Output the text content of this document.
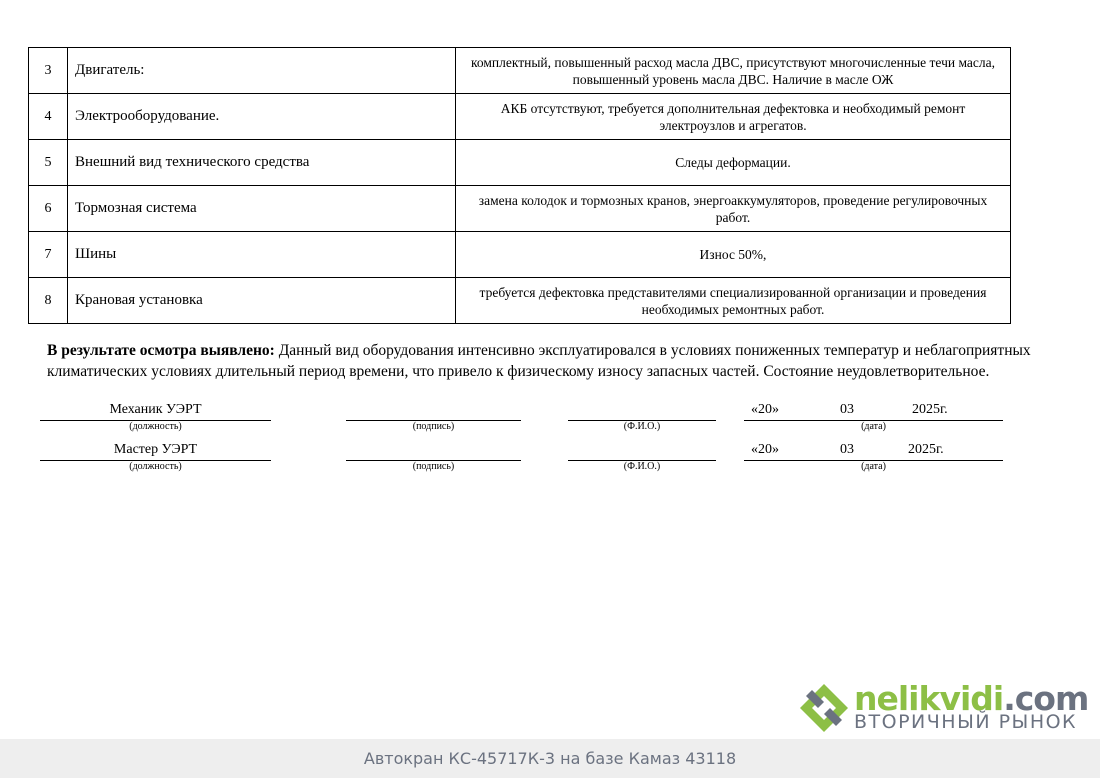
3	Двигатель:	комплектный, повышенный расход масла ДВС, присутствуют многочисленные течи масла, повышенный уровень масла ДВС. Наличие в масле ОЖ
4	Электрооборудование.	АКБ отсутствуют, требуется дополнительная дефектовка и необходимый ремонт электроузлов и агрегатов.
5	Внешний вид технического средства	Следы деформации.
6	Тормозная система	замена колодок и тормозных кранов, энергоаккумуляторов, проведение регулировочных работ.
7	Шины	Износ 50%,
8	Крановая установка	требуется дефектовка представителями специализированной организации и проведения необходимых ремонтных работ.
В результате осмотра выявлено: Данный вид оборудования интенсивно эксплуатировался в условиях пониженных температур и неблагоприятных климатических условиях длительный период времени, что привело к физическому износу запасных частей. Состояние неудовлетворительное.
Механик УЭРТ
(должность)	(подпись)	(Ф.И.О.)
«20»	03	2025г.
(дата)
Мастер УЭРТ
(должность)	(подпись)	(Ф.И.О.)
«20»	03	2025г.
(дата)
nelikvidi.com
ВТОРИЧНЫЙ РЫНОК
Автокран КС-45717К-3 на базе Камаз 43118
